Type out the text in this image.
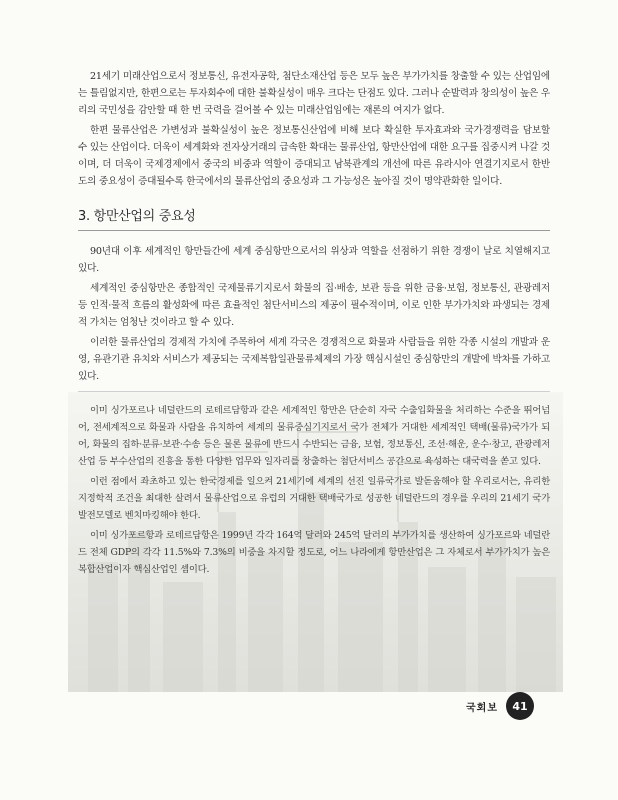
21세기 미래산업으로서 정보통신, 유전자공학, 첨단소재산업 등은 모두 높은 부가가치를 창출할 수 있는 산업임에는 틀림없지만, 한편으로는 투자회수에 대한 불확실성이 매우 크다는 단점도 있다. 그러나 순발력과 창의성이 높은 우리의 국민성을 감안할 때 한 번 국력을 걸어볼 수 있는 미래산업임에는 재론의 여지가 없다.

한편 물류산업은 가변성과 불확실성이 높은 정보통신산업에 비해 보다 확실한 투자효과와 국가경쟁력을 담보할 수 있는 산업이다. 더욱이 세계화와 전자상거래의 급속한 확대는 물류산업, 항만산업에 대한 요구를 집중시켜 나갈 것이며, 더 더욱이 국제경제에서 중국의 비중과 역할이 증대되고 남북관계의 개선에 따른 유라시아 연결기지로서 한반도의 중요성이 증대될수록 한국에서의 물류산업의 중요성과 그 가능성은 높아질 것이 명약관화한 일이다.

3. 항만산업의 중요성

90년대 이후 세계적인 항만들간에 세계 중심항만으로서의 위상과 역할을 선점하기 위한 경쟁이 날로 치열해지고 있다.

세계적인 중심항만은 종합적인 국제물류기지로서 화물의 집·배송, 보관 등을 위한 금융·보험, 정보통신, 관광레저 등 인적·물적 흐름의 활성화에 따른 효율적인 첨단서비스의 제공이 필수적이며, 이로 인한 부가가치와 파생되는 경제적 가치는 엄청난 것이라고 할 수 있다.

이러한 물류산업의 경제적 가치에 주목하여 세계 각국은 경쟁적으로 화물과 사람들을 위한 각종 시설의 개발과 운영, 유관기관 유치와 서비스가 제공되는 국제복합일관물류체제의 가장 핵심시설인 중심항만의 개발에 박차를 가하고 있다.

이미 싱가포르나 네덜란드의 로테르담항과 같은 세계적인 항만은 단순히 자국 수출입화물을 처리하는 수준을 뛰어넘어, 전세계적으로 화물과 사람을 유치하여 세계의 물류중심기지로서 국가 전체가 거대한 세계적인 택배(물류)국가가 되어, 화물의 집하·분류·보관·수송 등은 물론 물류에 반드시 수반되는 금융, 보험, 정보통신, 조선·해운, 운수·창고, 관광레저산업 등 부수산업의 진흥을 통한 다양한 업무와 일자리를 창출하는 첨단서비스 공간으로 육성하는 대국력을 쏟고 있다.

이런 점에서 좌초하고 있는 한국경제를 일으켜 21세기에 세계의 선진 일류국가로 발돋움해야 할 우리로서는, 유리한 지정학적 조건을 최대한 살려서 물류산업으로 유럽의 거대한 택배국가로 성공한 네덜란드의 경우를 우리의 21세기 국가발전모델로 벤치마킹해야 한다.

이미 싱가포르항과 로테르담항은 1999년 각각 164억 달러와 245억 달러의 부가가치를 생산하여 싱가포르와 네덜란드 전체 GDP의 각각 11.5%와 7.3%의 비중을 차지할 정도로, 어느 나라에게 항만산업은 그 자체로서 부가가치가 높은 복합산업이자 핵심산업인 셈이다.

국회보	41
